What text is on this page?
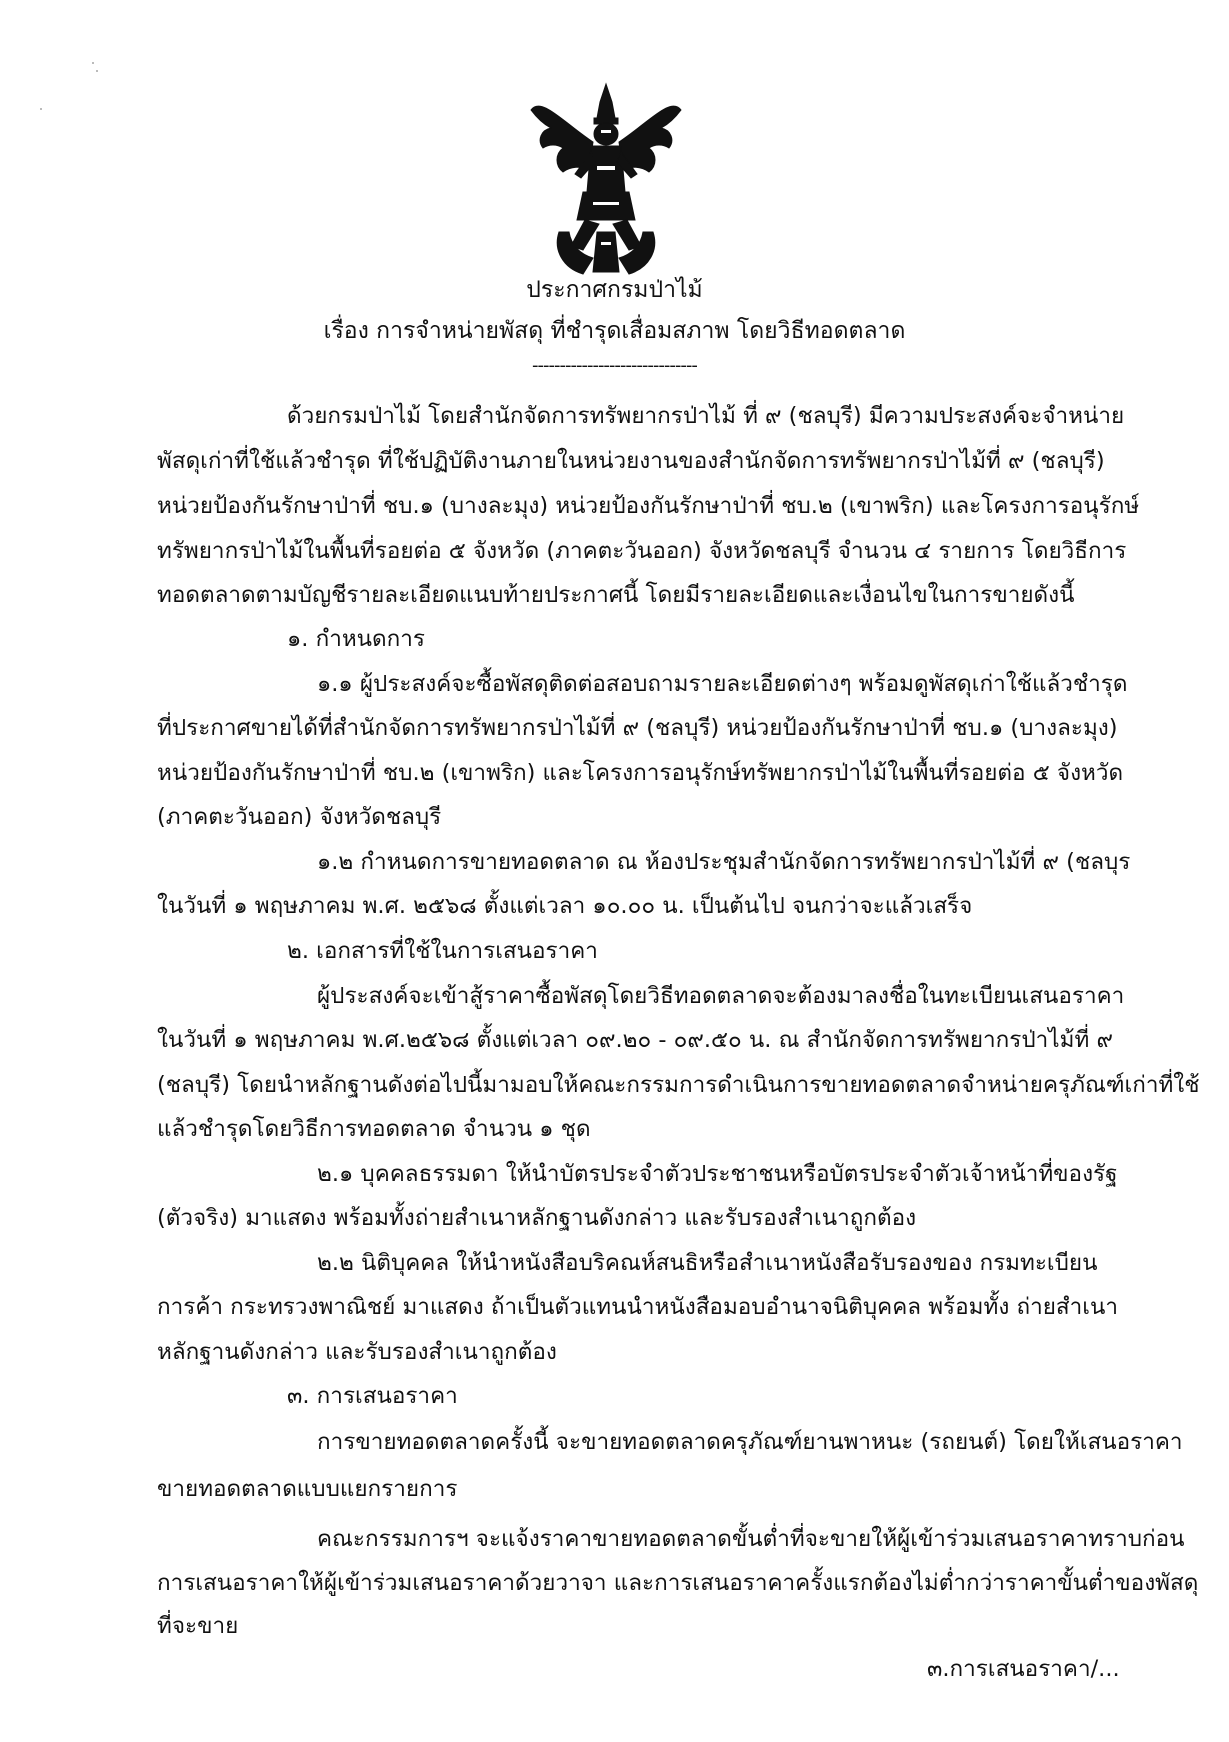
ประกาศกรมป่าไม้
เรื่อง การจำหน่ายพัสดุ ที่ชำรุดเสื่อมสภาพ โดยวิธีทอดตลาด
------------------------------
ด้วยกรมป่าไม้ โดยสำนักจัดการทรัพยากรป่าไม้ ที่ ๙ (ชลบุรี) มีความประสงค์จะจำหน่าย
พัสดุเก่าที่ใช้แล้วชำรุด ที่ใช้ปฏิบัติงานภายในหน่วยงานของสำนักจัดการทรัพยากรป่าไม้ที่ ๙ (ชลบุรี)
หน่วยป้องกันรักษาป่าที่ ชบ.๑ (บางละมุง) หน่วยป้องกันรักษาป่าที่ ชบ.๒ (เขาพริก) และโครงการอนุรักษ์
ทรัพยากรป่าไม้ในพื้นที่รอยต่อ ๕ จังหวัด (ภาคตะวันออก) จังหวัดชลบุรี จำนวน ๔ รายการ โดยวิธีการ
ทอดตลาดตามบัญชีรายละเอียดแนบท้ายประกาศนี้ โดยมีรายละเอียดและเงื่อนไขในการขายดังนี้
๑. กำหนดการ
๑.๑ ผู้ประสงค์จะซื้อพัสดุติดต่อสอบถามรายละเอียดต่างๆ พร้อมดูพัสดุเก่าใช้แล้วชำรุด
ที่ประกาศขายได้ที่สำนักจัดการทรัพยากรป่าไม้ที่ ๙ (ชลบุรี) หน่วยป้องกันรักษาป่าที่ ชบ.๑ (บางละมุง)
หน่วยป้องกันรักษาป่าที่ ชบ.๒ (เขาพริก) และโครงการอนุรักษ์ทรัพยากรป่าไม้ในพื้นที่รอยต่อ ๕ จังหวัด
(ภาคตะวันออก) จังหวัดชลบุรี
๑.๒ กำหนดการขายทอดตลาด ณ ห้องประชุมสำนักจัดการทรัพยากรป่าไม้ที่ ๙ (ชลบุร
ในวันที่ ๑ พฤษภาคม พ.ศ. ๒๕๖๘ ตั้งแต่เวลา ๑๐.๐๐ น. เป็นต้นไป จนกว่าจะแล้วเสร็จ
๒. เอกสารที่ใช้ในการเสนอราคา
ผู้ประสงค์จะเข้าสู้ราคาซื้อพัสดุโดยวิธีทอดตลาดจะต้องมาลงชื่อในทะเบียนเสนอราคา
ในวันที่ ๑ พฤษภาคม พ.ศ.๒๕๖๘ ตั้งแต่เวลา ๐๙.๒๐ - ๐๙.๕๐ น. ณ สำนักจัดการทรัพยากรป่าไม้ที่ ๙
(ชลบุรี) โดยนำหลักฐานดังต่อไปนี้มามอบให้คณะกรรมการดำเนินการขายทอดตลาดจำหน่ายครุภัณฑ์เก่าที่ใช้
แล้วชำรุดโดยวิธีการทอดตลาด จำนวน ๑ ชุด
๒.๑ บุคคลธรรมดา ให้นำบัตรประจำตัวประชาชนหรือบัตรประจำตัวเจ้าหน้าที่ของรัฐ
(ตัวจริง) มาแสดง พร้อมทั้งถ่ายสำเนาหลักฐานดังกล่าว และรับรองสำเนาถูกต้อง
๒.๒ นิติบุคคล ให้นำหนังสือบริคณห์สนธิหรือสำเนาหนังสือรับรองของ กรมทะเบียน
การค้า กระทรวงพาณิชย์ มาแสดง ถ้าเป็นตัวแทนนำหนังสือมอบอำนาจนิติบุคคล พร้อมทั้ง ถ่ายสำเนา
หลักฐานดังกล่าว และรับรองสำเนาถูกต้อง
๓. การเสนอราคา
การขายทอดตลาดครั้งนี้ จะขายทอดตลาดครุภัณฑ์ยานพาหนะ (รถยนต์) โดยให้เสนอราคา
ขายทอดตลาดแบบแยกรายการ
คณะกรรมการฯ จะแจ้งราคาขายทอดตลาดขั้นต่ำที่จะขายให้ผู้เข้าร่วมเสนอราคาทราบก่อน
การเสนอราคาให้ผู้เข้าร่วมเสนอราคาด้วยวาจา และการเสนอราคาครั้งแรกต้องไม่ต่ำกว่าราคาขั้นต่ำของพัสดุ
ที่จะขาย
๓.การเสนอราคา/...
